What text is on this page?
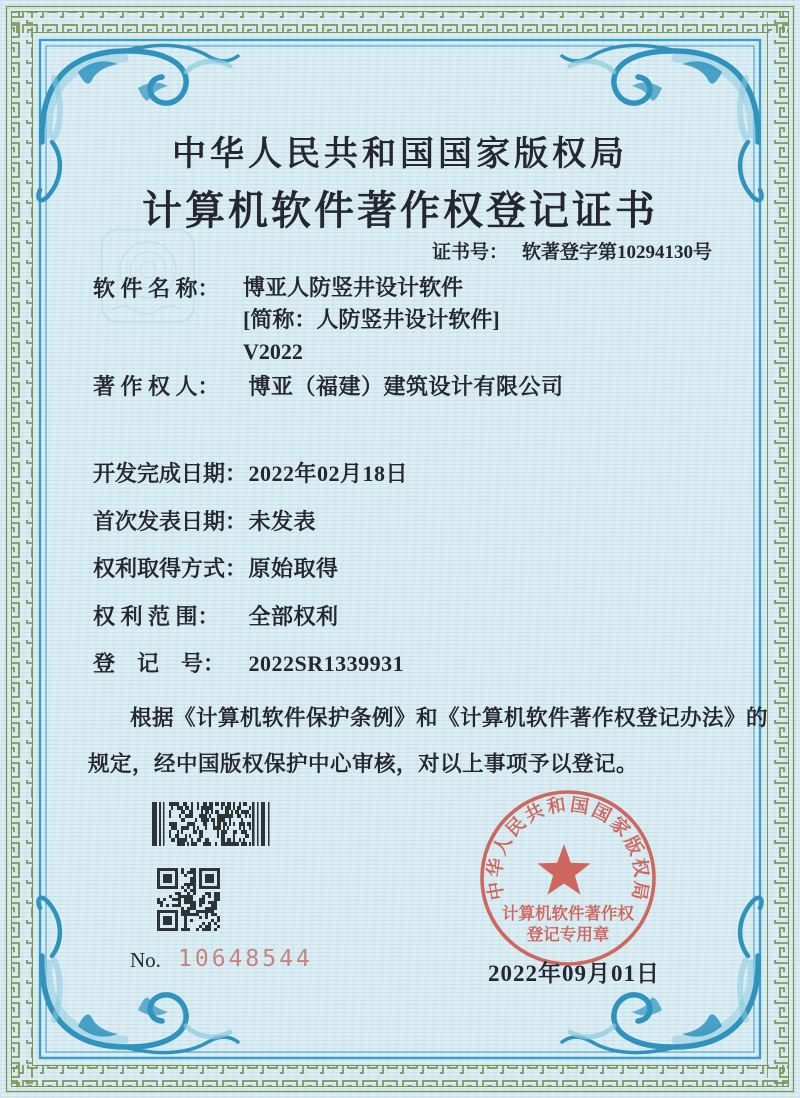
中华人民共和国国家版权局
计算机软件著作权登记证书
证书号： 软著登字第10294130号
软 件 名 称：	博亚人防竖井设计软件
[简称：人防竖井设计软件]
V2022
著 作 权 人： 博亚（福建）建筑设计有限公司
开发完成日期： 2022年02月18日
首次发表日期： 未发表
权利取得方式： 原始取得
权 利 范 围： 全部权利
登　记　号： 2022SR1339931
根据《计算机软件保护条例》和《计算机软件著作权登记办法》的
规定，经中国版权保护中心审核，对以上事项予以登记。
No. 10648544
中
华
人
民
共
和 国
国
家
版
权
局
计算机软件著作权
登记专用章
2022年09月01日
